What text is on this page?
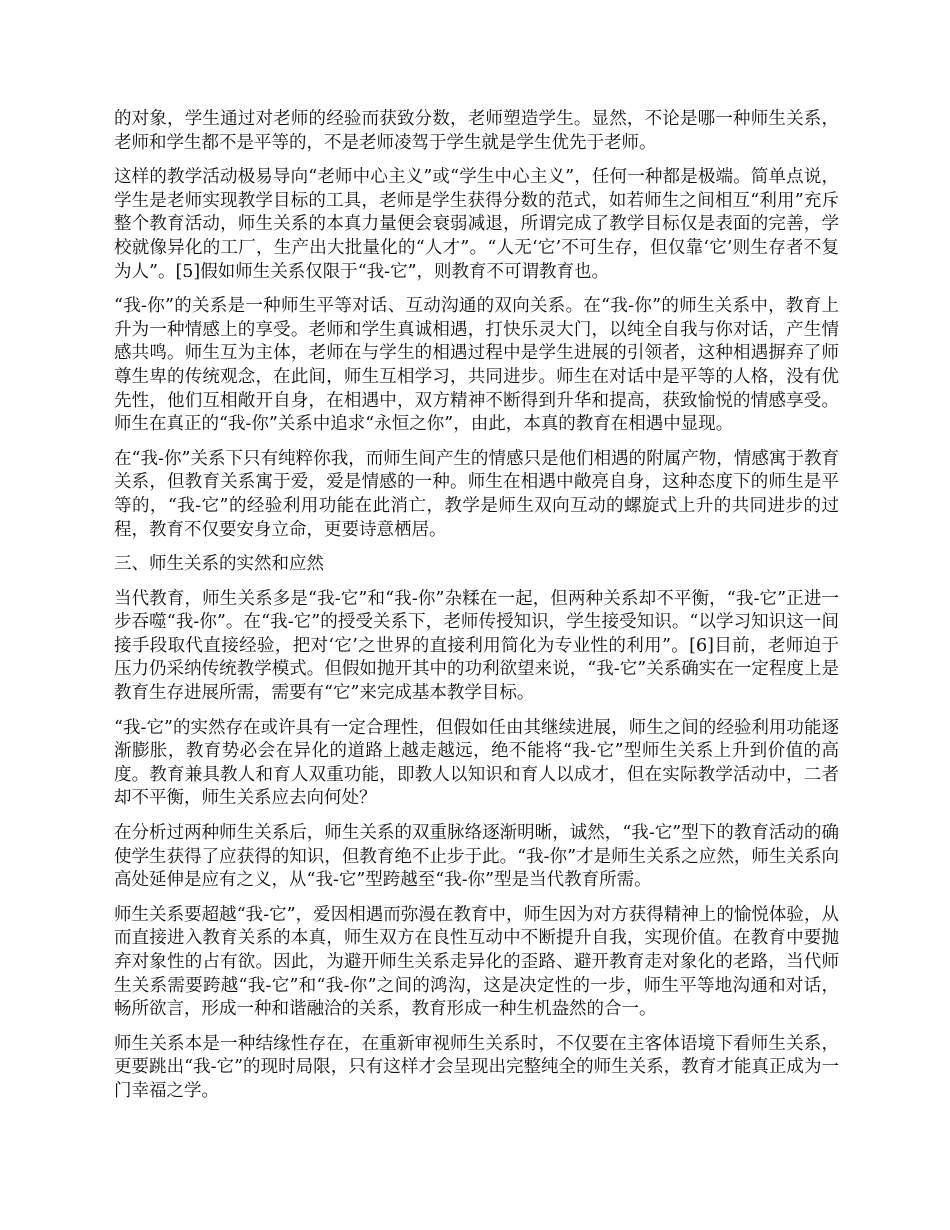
的对象，学生通过对老师的经验而获致分数，老师塑造学生。显然，不论是哪一种师生关系，老师和学生都不是平等的，不是老师凌驾于学生就是学生优先于老师。

这样的教学活动极易导向“老师中心主义”或“学生中心主义”，任何一种都是极端。简单点说，学生是老师实现教学目标的工具，老师是学生获得分数的范式，如若师生之间相互“利用”充斥整个教育活动，师生关系的本真力量便会衰弱减退，所谓完成了教学目标仅是表面的完善，学校就像异化的工厂，生产出大批量化的“人才”。“人无‘它’不可生存，但仅靠‘它’则生存者不复为人”。[5]假如师生关系仅限于“我-它”，则教育不可谓教育也。

“我-你”的关系是一种师生平等对话、互动沟通的双向关系。在“我-你”的师生关系中，教育上升为一种情感上的享受。老师和学生真诚相遇，打快乐灵大门，以纯全自我与你对话，产生情感共鸣。师生互为主体，老师在与学生的相遇过程中是学生进展的引领者，这种相遇摒弃了师尊生卑的传统观念，在此间，师生互相学习，共同进步。师生在对话中是平等的人格，没有优先性，他们互相敞开自身，在相遇中，双方精神不断得到升华和提高，获致愉悦的情感享受。师生在真正的“我-你”关系中追求“永恒之你”，由此，本真的教育在相遇中显现。

在“我-你”关系下只有纯粹你我，而师生间产生的情感只是他们相遇的附属产物，情感寓于教育关系，但教育关系寓于爱，爱是情感的一种。师生在相遇中敞亮自身，这种态度下的师生是平等的，“我-它”的经验利用功能在此消亡，教学是师生双向互动的螺旋式上升的共同进步的过程，教育不仅要安身立命，更要诗意栖居。

三、师生关系的实然和应然

当代教育，师生关系多是“我-它”和“我-你”杂糅在一起，但两种关系却不平衡，“我-它”正进一步吞噬“我-你”。在“我-它”的授受关系下，老师传授知识，学生接受知识。“以学习知识这一间接手段取代直接经验，把对‘它’之世界的直接利用简化为专业性的利用”。[6]目前，老师迫于压力仍采纳传统教学模式。但假如抛开其中的功利欲望来说，“我-它”关系确实在一定程度上是教育生存进展所需，需要有“它”来完成基本教学目标。

“我-它”的实然存在或许具有一定合理性，但假如任由其继续进展，师生之间的经验利用功能逐渐膨胀，教育势必会在异化的道路上越走越远，绝不能将“我-它”型师生关系上升到价值的高度。教育兼具教人和育人双重功能，即教人以知识和育人以成才，但在实际教学活动中，二者却不平衡，师生关系应去向何处？

在分析过两种师生关系后，师生关系的双重脉络逐渐明晰，诚然，“我-它”型下的教育活动的确使学生获得了应获得的知识，但教育绝不止步于此。“我-你”才是师生关系之应然，师生关系向高处延伸是应有之义，从“我-它”型跨越至“我-你”型是当代教育所需。

师生关系要超越“我-它”，爱因相遇而弥漫在教育中，师生因为对方获得精神上的愉悦体验，从而直接进入教育关系的本真，师生双方在良性互动中不断提升自我，实现价值。在教育中要抛弃对象性的占有欲。因此，为避开师生关系走异化的歪路、避开教育走对象化的老路，当代师生关系需要跨越“我-它”和“我-你”之间的鸿沟，这是决定性的一步，师生平等地沟通和对话，畅所欲言，形成一种和谐融洽的关系，教育形成一种生机盎然的合一。

师生关系本是一种结缘性存在，在重新审视师生关系时，不仅要在主客体语境下看师生关系，更要跳出“我-它”的现时局限，只有这样才会呈现出完整纯全的师生关系，教育才能真正成为一门幸福之学。
